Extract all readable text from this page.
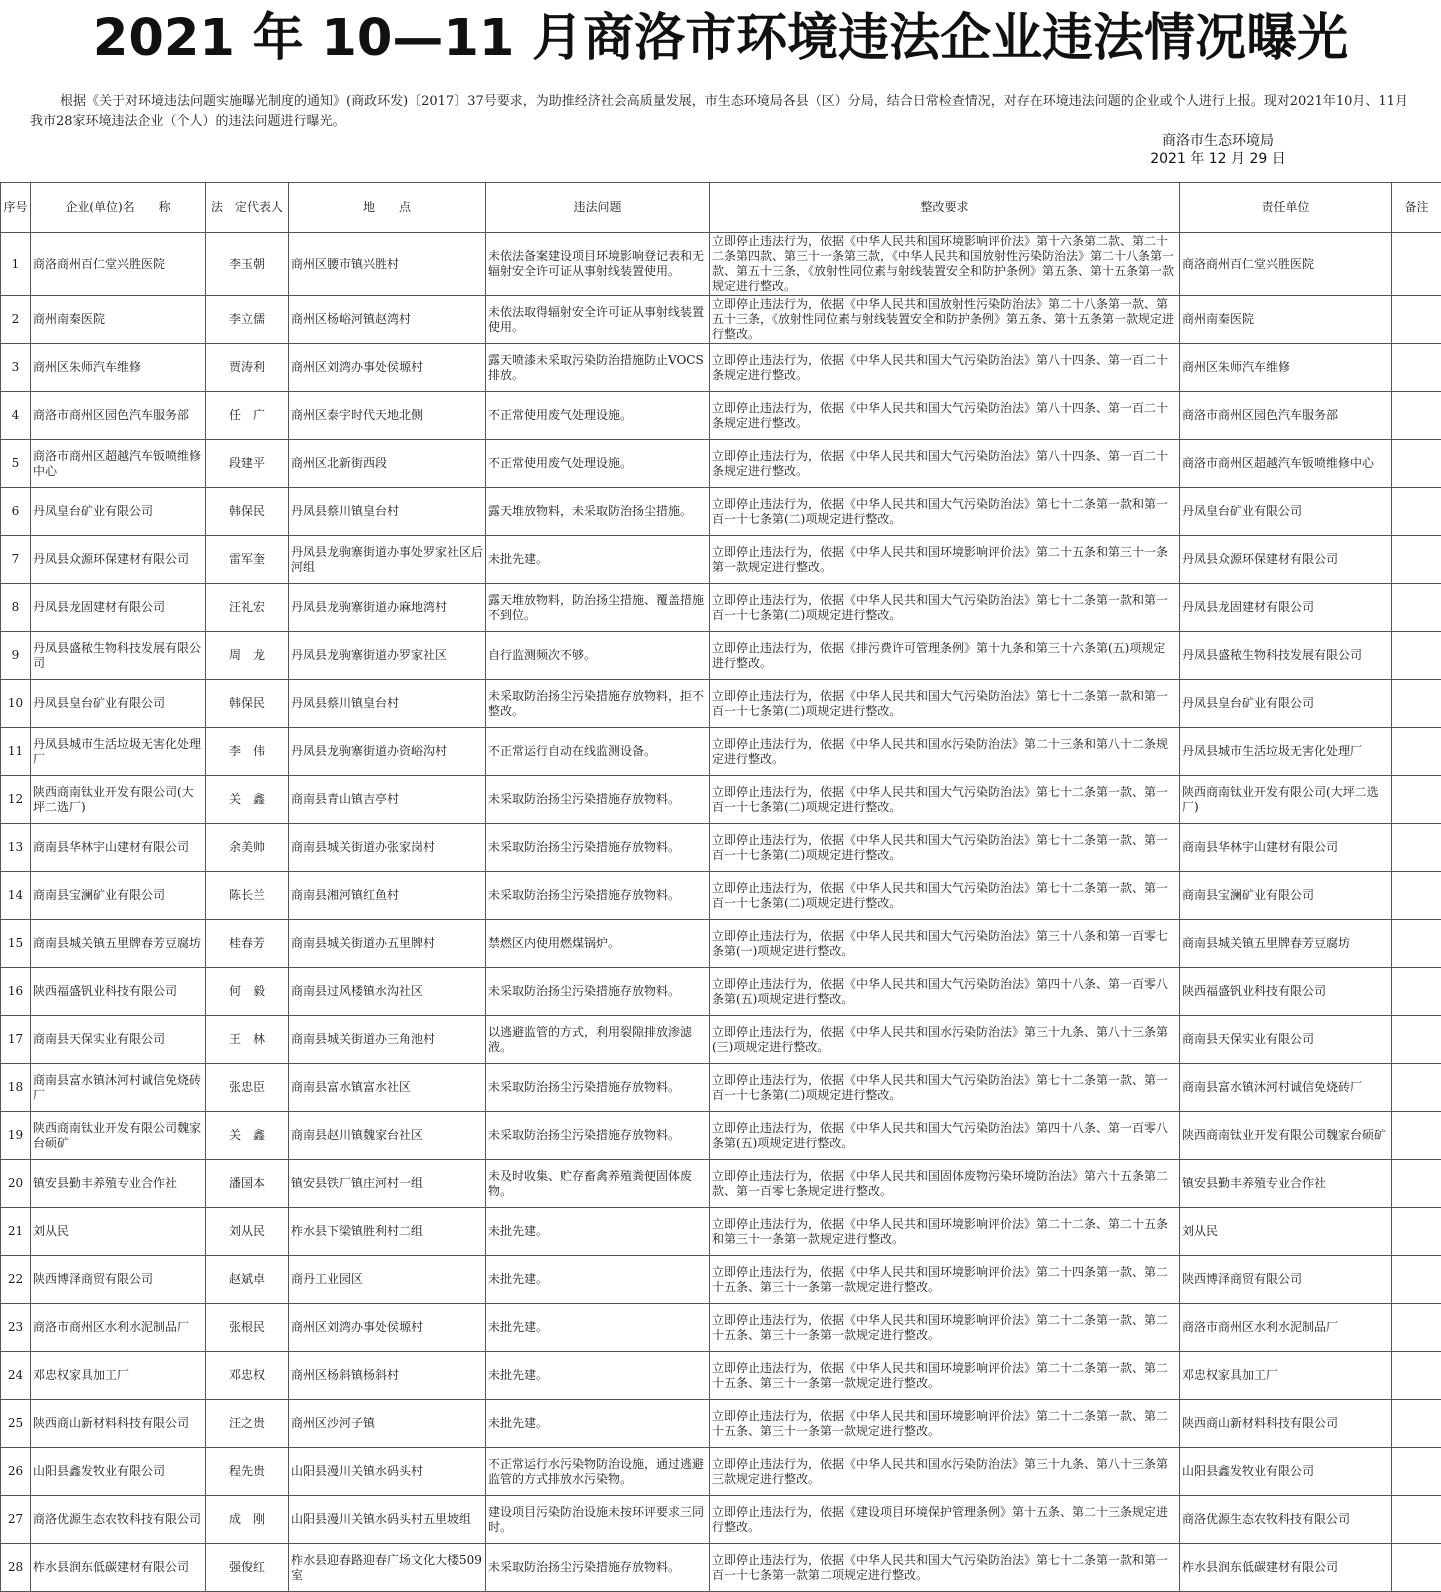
2021 年 10—11 月商洛市环境违法企业违法情况曝光
根据《关于对环境违法问题实施曝光制度的通知》(商政环发)〔2017〕37号要求，为助推经济社会高质量发展，市生态环境局各县（区）分局，结合日常检查情况，对存在环境违法问题的企业或个人进行上报。现对2021年10月、11月我市28家环境违法企业（个人）的违法问题进行曝光。
商洛市生态环境局
2021 年 12 月 29 日
序号	企业(单位)名　　称	法　定代表人	地　　点	违法问题	整改要求	责任单位	备注
1	商洛商州百仁堂兴胜医院	李玉朝	商州区腰市镇兴胜村	未依法备案建设项目环境影响登记表和无辐射安全许可证从事射线装置使用。	立即停止违法行为，依据《中华人民共和国环境影响评价法》第十六条第二款、第二十二条第四款、第三十一条第三款，《中华人民共和国放射性污染防治法》第二十八条第一款、第五十三条，《放射性同位素与射线装置安全和防护条例》第五条、第十五条第一款规定进行整改。	商洛商州百仁堂兴胜医院	
2	商州南秦医院	李立儒	商州区杨峪河镇赵湾村	未依法取得辐射安全许可证从事射线装置使用。	立即停止违法行为，依据《中华人民共和国放射性污染防治法》第二十八条第一款、第五十三条，《放射性同位素与射线装置安全和防护条例》第五条、第十五条第一款规定进行整改。	商州南秦医院	
3	商州区朱师汽车维修	贾涛利	商州区刘湾办事处侯塬村	露天喷漆未采取污染防治措施防止VOCS排放。	立即停止违法行为，依据《中华人民共和国大气污染防治法》第八十四条、第一百二十条规定进行整改。	商州区朱师汽车维修	
4	商洛市商州区园色汽车服务部	任　广	商州区泰宇时代天地北侧	不正常使用废气处理设施。	立即停止违法行为，依据《中华人民共和国大气污染防治法》第八十四条、第一百二十条规定进行整改。	商洛市商州区园色汽车服务部	
5	商洛市商州区超越汽车钣喷维修中心	段建平	商州区北新街西段	不正常使用废气处理设施。	立即停止违法行为，依据《中华人民共和国大气污染防治法》第八十四条、第一百二十条规定进行整改。	商洛市商州区超越汽车钣喷维修中心	
6	丹凤皇台矿业有限公司	韩保民	丹凤县蔡川镇皇台村	露天堆放物料，未采取防治扬尘措施。	立即停止违法行为，依据《中华人民共和国大气污染防治法》第七十二条第一款和第一百一十七条第(二)项规定进行整改。	丹凤皇台矿业有限公司	
7	丹凤县众源环保建材有限公司	雷军奎	丹凤县龙驹寨街道办事处罗家社区后河组	未批先建。	立即停止违法行为，依据《中华人民共和国环境影响评价法》第二十五条和第三十一条第一款规定进行整改。	丹凤县众源环保建材有限公司	
8	丹凤县龙固建材有限公司	汪礼宏	丹凤县龙驹寨街道办麻地湾村	露天堆放物料，防治扬尘措施、覆盖措施不到位。	立即停止违法行为，依据《中华人民共和国大气污染防治法》第七十二条第一款和第一百一十七条第(二)项规定进行整改。	丹凤县龙固建材有限公司	
9	丹凤县盛秾生物科技发展有限公司	周　龙	丹凤县龙驹寨街道办罗家社区	自行监测频次不够。	立即停止违法行为，依据《排污费许可管理条例》第十九条和第三十六条第(五)项规定进行整改。	丹凤县盛秾生物科技发展有限公司	
10	丹凤县皇台矿业有限公司	韩保民	丹凤县蔡川镇皇台村	未采取防治扬尘污染措施存放物料，拒不整改。	立即停止违法行为，依据《中华人民共和国大气污染防治法》第七十二条第一款和第一百一十七条第(二)项规定进行整改。	丹凤县皇台矿业有限公司	
11	丹凤县城市生活垃圾无害化处理厂	李　伟	丹凤县龙驹寨街道办资峪沟村	不正常运行自动在线监测设备。	立即停止违法行为，依据《中华人民共和国水污染防治法》第二十三条和第八十二条规定进行整改。	丹凤县城市生活垃圾无害化处理厂	
12	陕西商南钛业开发有限公司(大坪二选厂)	关　鑫	商南县青山镇吉亭村	未采取防治扬尘污染措施存放物料。	立即停止违法行为，依据《中华人民共和国大气污染防治法》第七十二条第一款、第一百一十七条第(二)项规定进行整改。	陕西商南钛业开发有限公司(大坪二选厂)	
13	商南县华林宇山建材有限公司	余美帅	商南县城关街道办张家岗村	未采取防治扬尘污染措施存放物料。	立即停止违法行为，依据《中华人民共和国大气污染防治法》第七十二条第一款、第一百一十七条第(二)项规定进行整改。	商南县华林宇山建材有限公司	
14	商南县宝澜矿业有限公司	陈长兰	商南县湘河镇红鱼村	未采取防治扬尘污染措施存放物料。	立即停止违法行为，依据《中华人民共和国大气污染防治法》第七十二条第一款、第一百一十七条第(二)项规定进行整改。	商南县宝澜矿业有限公司	
15	商南县城关镇五里牌春芳豆腐坊	桂春芳	商南县城关街道办五里牌村	禁燃区内使用燃煤锅炉。	立即停止违法行为，依据《中华人民共和国大气污染防治法》第三十八条和第一百零七条第(一)项规定进行整改。	商南县城关镇五里牌春芳豆腐坊	
16	陕西福盛钒业科技有限公司	何　毅	商南县过风楼镇水沟社区	未采取防治扬尘污染措施存放物料。	立即停止违法行为，依据《中华人民共和国大气污染防治法》第四十八条、第一百零八条第(五)项规定进行整改。	陕西福盛钒业科技有限公司	
17	商南县天保实业有限公司	王　林	商南县城关街道办三角池村	以逃避监管的方式，利用裂隙排放渗滤液。	立即停止违法行为，依据《中华人民共和国水污染防治法》第三十九条、第八十三条第(三)项规定进行整改。	商南县天保实业有限公司	
18	商南县富水镇沐河村诚信免烧砖厂	张忠臣	商南县富水镇富水社区	未采取防治扬尘污染措施存放物料。	立即停止违法行为，依据《中华人民共和国大气污染防治法》第七十二条第一款、第一百一十七条第(二)项规定进行整改。	商南县富水镇沐河村诚信免烧砖厂	
19	陕西商南钛业开发有限公司魏家台硕矿	关　鑫	商南县赵川镇魏家台社区	未采取防治扬尘污染措施存放物料。	立即停止违法行为，依据《中华人民共和国大气污染防治法》第四十八条、第一百零八条第(五)项规定进行整改。	陕西商南钛业开发有限公司魏家台硕矿	
20	镇安县勤丰养殖专业合作社	潘国本	镇安县铁厂镇庄河村一组	未及时收集、贮存畜禽养殖粪便固体废物。	立即停止违法行为，依据《中华人民共和国固体废物污染环境防治法》第六十五条第二款、第一百零七条规定进行整改。	镇安县勤丰养殖专业合作社	
21	刘从民	刘从民	柞水县下梁镇胜利村二组	未批先建。	立即停止违法行为，依据《中华人民共和国环境影响评价法》第二十二条、第二十五条和第三十一条第一款规定进行整改。	刘从民	
22	陕西博泽商贸有限公司	赵斌卓	商丹工业园区	未批先建。	立即停止违法行为，依据《中华人民共和国环境影响评价法》第二十四条第一款、第二十五条、第三十一条第一款规定进行整改。	陕西博泽商贸有限公司	
23	商洛市商州区水利水泥制品厂	张根民	商州区刘湾办事处侯塬村	未批先建。	立即停止违法行为，依据《中华人民共和国环境影响评价法》第二十二条第一款、第二十五条、第三十一条第一款规定进行整改。	商洛市商州区水利水泥制品厂	
24	邓忠权家具加工厂	邓忠权	商州区杨斜镇杨斜村	未批先建。	立即停止违法行为，依据《中华人民共和国环境影响评价法》第二十二条第一款、第二十五条、第三十一条第一款规定进行整改。	邓忠权家具加工厂	
25	陕西商山新材料科技有限公司	汪之贵	商州区沙河子镇	未批先建。	立即停止违法行为，依据《中华人民共和国环境影响评价法》第二十二条第一款、第二十五条、第三十一条第一款规定进行整改。	陕西商山新材料科技有限公司	
26	山阳县鑫发牧业有限公司	程先贵	山阳县漫川关镇水码头村	不正常运行水污染物防治设施，通过逃避监管的方式排放水污染物。	立即停止违法行为，依据《中华人民共和国水污染防治法》第三十九条、第八十三条第三款规定进行整改。	山阳县鑫发牧业有限公司	
27	商洛优源生态农牧科技有限公司	成　刚	山阳县漫川关镇水码头村五里坡组	建设项目污染防治设施未按环评要求三同时。	立即停止违法行为，依据《建设项目环境保护管理条例》第十五条、第二十三条规定进行整改。	商洛优源生态农牧科技有限公司	
28	柞水县润东低碳建材有限公司	强俊红	柞水县迎春路迎春广场文化大楼509室	未采取防治扬尘污染措施存放物料。	立即停止违法行为，依据《中华人民共和国大气污染防治法》第七十二条第一款和第一百一十七条第一款第二项规定进行整改。	柞水县润东低碳建材有限公司	
